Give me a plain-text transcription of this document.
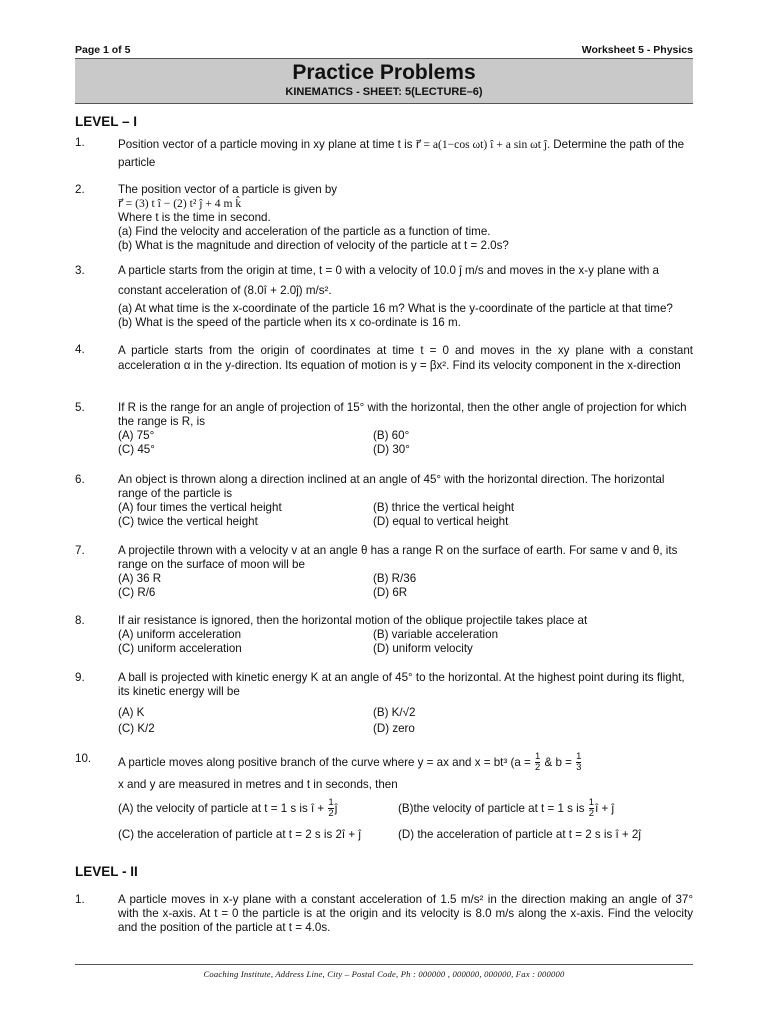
Page 1 of 5	Worksheet 5 - Physics
Practice Problems
KINEMATICS - SHEET: 5(LECTURE–6)
LEVEL – I
1.	Position vector of a particle moving in xy plane at time t is r⃗ = a(1−cos ωt) î + a sin ωt ĵ. Determine the path of the particle
2.	The position vector of a particle is given by

r⃗ = (3) t î − (2) t² ĵ + 4 m k̂

Where t is the time in second.

(a) Find the velocity and acceleration of the particle as a function of time.

(b) What is the magnitude and direction of velocity of the particle at t = 2.0s?

3.	A particle starts from the origin at time, t = 0 with a velocity of 10.0 ĵ m/s and moves in the x-y plane with a

constant acceleration of (8.0î + 2.0ĵ) m/s².

(a) At what time is the x-coordinate of the particle 16 m? What is the y-coordinate of the particle at that time?

(b) What is the speed of the particle when its x co-ordinate is 16 m.

4.	A particle starts from the origin of coordinates at time t = 0 and moves in the xy plane with a constant acceleration α in the y-direction. Its equation of motion is y = βx². Find its velocity component in the x-direction

5.	If R is the range for an angle of projection of 15° with the horizontal, then the other angle of projection for which the range is R, is

(A) 75°	(B) 60°
(C) 45°	(D) 30°
6.	An object is thrown along a direction inclined at an angle of 45° with the horizontal direction. The horizontal range of the particle is

(A) four times the vertical height	(B) thrice the vertical height
(C) twice the vertical height	(D) equal to vertical height
7.	A projectile thrown with a velocity v at an angle θ has a range R on the surface of earth. For same v and θ, its range on the surface of moon will be

(A) 36 R	(B) R/36
(C) R/6	(D) 6R
8.	If air resistance is ignored, then the horizontal motion of the oblique projectile takes place at

(A) uniform acceleration	(B) variable acceleration
(C) uniform acceleration	(D) uniform velocity
9.	A ball is projected with kinetic energy K at an angle of 45° to the horizontal. At the highest point during its flight, its kinetic energy will be

(A) K	(B) K/√2
(C) K/2	(D) zero
10. A particle moves along positive branch of the curve where y = ax and x = bt³ ($a = \frac{1}{2}$ & $b = \frac{1}{3}$

x and y are measured in metres and t in seconds, then

(A) the velocity of particle at t = 1 s is î + $\frac{1}{2}$ ĵ	(B)the velocity of particle at t = 1 s is $\frac{1}{2}$ î + ĵ
(C) the acceleration of particle at t = 2 s is 2î + ĵ	(D) the acceleration of particle at t = 2 s is î + 2ĵ
LEVEL - II
1.	A particle moves in x-y plane with a constant acceleration of 1.5 m/s² in the direction making an angle of 37° with the x-axis. At t = 0 the particle is at the origin and its velocity is 8.0 m/s along the x-axis. Find the velocity and the position of the particle at t = 4.0s.

Coaching Institute, Address Line, City – Postal Code, Ph : 000000 , 000000, 000000, Fax : 000000
